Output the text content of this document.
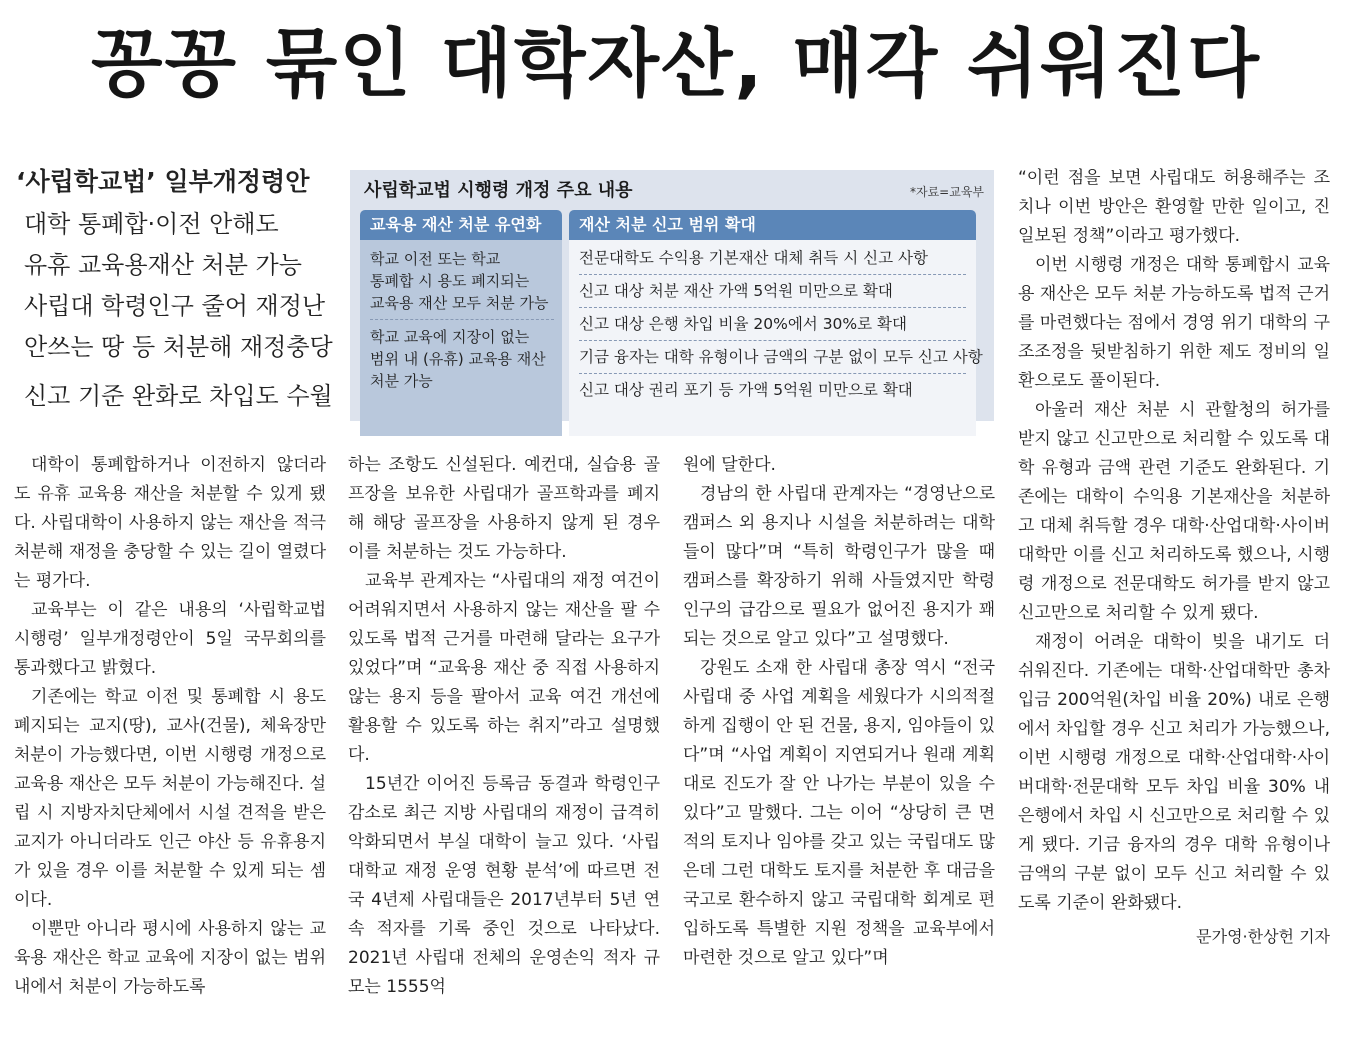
꽁꽁 묶인 대학자산, 매각 쉬워진다
‘사립학교법’ 일부개정령안
대학 통폐합·이전 안해도
유휴 교육용재산 처분 가능
사립대 학령인구 줄어 재정난
안쓰는 땅 등 처분해 재정충당
신고 기준 완화로 차입도 수월
사립학교법 시행령 개정 주요 내용	*자료=교육부
교육용 재산 처분 유연화
학교 이전 또는 학교
통폐합 시 용도 폐지되는
교육용 재산 모두 처분 가능
학교 교육에 지장이 없는
범위 내 (유휴) 교육용 재산
처분 가능
재산 처분 신고 범위 확대
전문대학도 수익용 기본재산 대체 취득 시 신고 사항
신고 대상 처분 재산 가액 5억원 미만으로 확대
신고 대상 은행 차입 비율 20%에서 30%로 확대
기금 융자는 대학 유형이나 금액의 구분 없이 모두 신고 사항
신고 대상 권리 포기 등 가액 5억원 미만으로 확대

대학이 통폐합하거나 이전하지 않더라도 유휴 교육용 재산을 처분할 수 있게 됐다. 사립대학이 사용하지 않는 재산을 적극 처분해 재정을 충당할 수 있는 길이 열렸다는 평가다.

교육부는 이 같은 내용의 ‘사립학교법 시행령’ 일부개정령안이 5일 국무회의를 통과했다고 밝혔다.

기존에는 학교 이전 및 통폐합 시 용도 폐지되는 교지(땅), 교사(건물), 체육장만 처분이 가능했다면, 이번 시행령 개정으로 교육용 재산은 모두 처분이 가능해진다. 설립 시 지방자치단체에서 시설 견적을 받은 교지가 아니더라도 인근 야산 등 유휴용지가 있을 경우 이를 처분할 수 있게 되는 셈이다.

이뿐만 아니라 평시에 사용하지 않는 교육용 재산은 학교 교육에 지장이 없는 범위 내에서 처분이 가능하도록

하는 조항도 신설된다. 예컨대, 실습용 골프장을 보유한 사립대가 골프학과를 폐지해 해당 골프장을 사용하지 않게 된 경우 이를 처분하는 것도 가능하다.

교육부 관계자는 “사립대의 재정 여건이 어려워지면서 사용하지 않는 재산을 팔 수 있도록 법적 근거를 마련해 달라는 요구가 있었다”며 “교육용 재산 중 직접 사용하지 않는 용지 등을 팔아서 교육 여건 개선에 활용할 수 있도록 하는 취지”라고 설명했다.

15년간 이어진 등록금 동결과 학령인구 감소로 최근 지방 사립대의 재정이 급격히 악화되면서 부실 대학이 늘고 있다. ‘사립대학교 재정 운영 현황 분석’에 따르면 전국 4년제 사립대들은 2017년부터 5년 연속 적자를 기록 중인 것으로 나타났다. 2021년 사립대 전체의 운영손익 적자 규모는 1555억

원에 달한다.

경남의 한 사립대 관계자는 “경영난으로 캠퍼스 외 용지나 시설을 처분하려는 대학들이 많다”며 “특히 학령인구가 많을 때 캠퍼스를 확장하기 위해 사들였지만 학령인구의 급감으로 필요가 없어진 용지가 꽤 되는 것으로 알고 있다”고 설명했다.

강원도 소재 한 사립대 총장 역시 “전국 사립대 중 사업 계획을 세웠다가 시의적절하게 집행이 안 된 건물, 용지, 임야들이 있다”며 “사업 계획이 지연되거나 원래 계획대로 진도가 잘 안 나가는 부분이 있을 수 있다”고 말했다. 그는 이어 “상당히 큰 면적의 토지나 임야를 갖고 있는 국립대도 많은데 그런 대학도 토지를 처분한 후 대금을 국고로 환수하지 않고 국립대학 회계로 편입하도록 특별한 지원 정책을 교육부에서 마련한 것으로 알고 있다”며

“이런 점을 보면 사립대도 허용해주는 조치나 이번 방안은 환영할 만한 일이고, 진일보된 정책”이라고 평가했다.

이번 시행령 개정은 대학 통폐합시 교육용 재산은 모두 처분 가능하도록 법적 근거를 마련했다는 점에서 경영 위기 대학의 구조조정을 뒷받침하기 위한 제도 정비의 일환으로도 풀이된다.

아울러 재산 처분 시 관할청의 허가를 받지 않고 신고만으로 처리할 수 있도록 대학 유형과 금액 관련 기준도 완화된다. 기존에는 대학이 수익용 기본재산을 처분하고 대체 취득할 경우 대학·산업대학·사이버대학만 이를 신고 처리하도록 했으나, 시행령 개정으로 전문대학도 허가를 받지 않고 신고만으로 처리할 수 있게 됐다.

재정이 어려운 대학이 빚을 내기도 더 쉬워진다. 기존에는 대학·산업대학만 총차입금 200억원(차입 비율 20%) 내로 은행에서 차입할 경우 신고 처리가 가능했으나, 이번 시행령 개정으로 대학·산업대학·사이버대학·전문대학 모두 차입 비율 30% 내 은행에서 차입 시 신고만으로 처리할 수 있게 됐다. 기금 융자의 경우 대학 유형이나 금액의 구분 없이 모두 신고 처리할 수 있도록 기준이 완화됐다.

문가영·한상헌 기자
